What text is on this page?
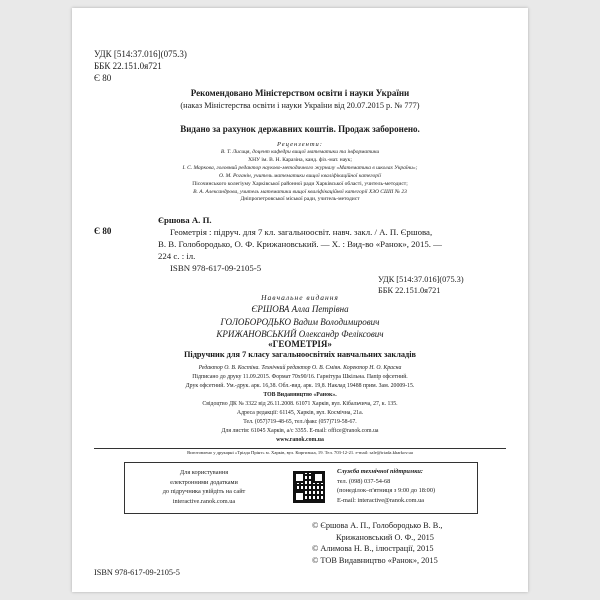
УДК [514:37.016](075.3)
ББК 22.151.0я721
Є 80
Рекомендовано Міністерством освіти і науки України
(наказ Міністерства освіти і науки України від 20.07.2015 р. № 777)
Видано за рахунок державних коштів. Продаж заборонено.
Рецензенти:
В. Т. Лисиця, доцент кафедри вищої математики та інформатики
ХНУ ім. В. Н. Каразіна, канд. фіз.-мат. наук;
І. С. Маркова, головний редактор науково-методичного журналу «Математика в школах України»;
О. М. Роганін, учитель математики вищої кваліфікаційної категорії
Пісочинського колегіуму Харківської районної ради Харківської області, учитель-методист;
В. А. Александрова, учитель математики вищої кваліфікаційної категорії ХЗО СШІІ № 23
Дніпропетровської міської ради, учитель-методист
Є 80
Єршова А. П.
Геометрія : підруч. для 7 кл. загальноосвіт. навч. закл. / А. П. Єршова,
В. В. Голобородько, О. Ф. Крижановський. — Х. : Вид-во «Ранок», 2015. —
224 с. : іл.
ISBN 978-617-09-2105-5
УДК [514:37.016](075.3)
ББК 22.151.0я721
Навчальне видання
ЄРШОВА Алла Петрівна
ГОЛОБОРОДЬКО Вадим Володимирович
КРИЖАНОВСЬКИЙ Олександр Феліксович
«ГЕОМЕТРІЯ»
Підручник для 7 класу загальноосвітніх навчальних закладів
Редактор О. В. Костіна. Технічний редактор О. В. Сміян. Коректор Н. О. Красна
Підписано до друку 11.09.2015. Формат 70х90/16. Гарнітура Шкільна. Папір офсетний.
Друк офсетний. Ум.-друк. арк. 16,38. Обл.-вид. арк. 19,8. Наклад 19488 прим. Зам. 20009-15.
ТОВ Видавництво «Ранок».
Свідоцтво ДК № 3322 від 26.11.2008. 61071 Харків, вул. Кібальчича, 27, к. 135.
Адреса редакції: 61145, Харків, вул. Космічна, 21а.
Тел. (057)719-48-65, тел./факс (057)719-58-67.
Для листів: 61045 Харків, а/с 3355. E-mail: office@ranok.com.ua
www.ranok.com.ua
Виготовлено у друкарні «Тріада Прінт» м. Харків, вул. Киргизька, 19. Тел. 703-12-21. e-mail: sale@triada.kharkov.ua
Для користування
електронними додатками
до підручника увійдіть на сайт
interactive.ranok.com.ua
Служба технічної підтримки:
тел. (098) 037-54-68
(понеділок–п'ятниця з 9:00 до 18:00)
E-mail: interactive@ranok.com.ua
© Єршова А. П., Голобородько В. В.,
Крижановський О. Ф., 2015
© Алимова Н. В., ілюстрації, 2015
© ТОВ Видавництво «Ранок», 2015
ISBN 978-617-09-2105-5
